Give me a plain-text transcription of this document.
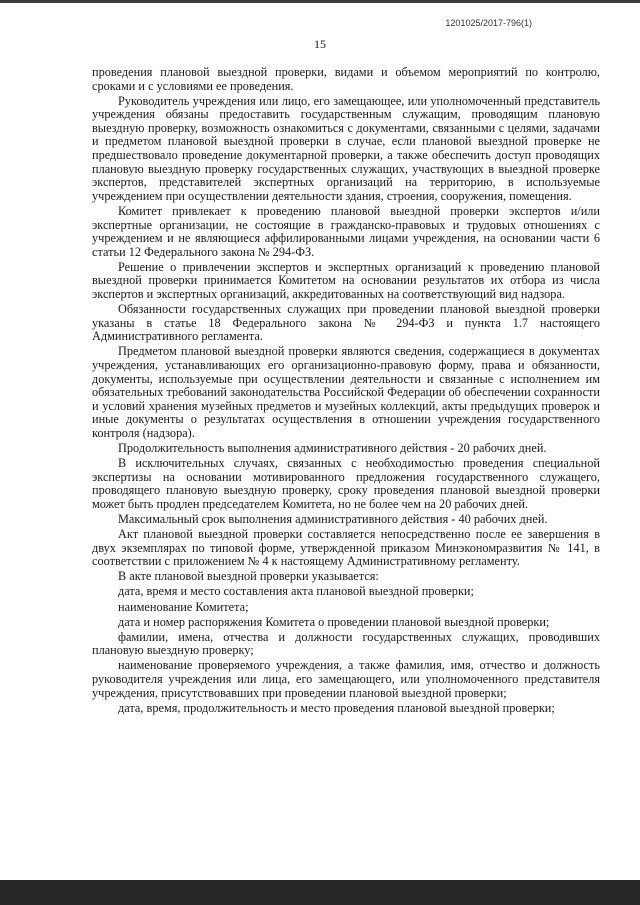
1201025/2017-796(1)
15

проведения плановой выездной проверки, видами и объемом мероприятий по контролю, сроками и с условиями ее проведения.

Руководитель учреждения или лицо, его замещающее, или уполномоченный представитель учреждения обязаны предоставить государственным служащим, проводящим плановую выездную проверку, возможность ознакомиться с документами, связанными с целями, задачами и предметом плановой выездной проверки в случае, если плановой выездной проверке не предшествовало проведение документарной проверки, а также обеспечить доступ проводящих плановую выездную проверку государственных служащих, участвующих в выездной проверке экспертов, представителей экспертных организаций на территорию, в используемые учреждением при осуществлении деятельности здания, строения, сооружения, помещения.

Комитет привлекает к проведению плановой выездной проверки экспертов и/или экспертные организации, не состоящие в гражданско-правовых и трудовых отношениях с учреждением и не являющиеся аффилированными лицами учреждения, на основании части 6 статьи 12 Федерального закона № 294-ФЗ.

Решение о привлечении экспертов и экспертных организаций к проведению плановой выездной проверки принимается Комитетом на основании результатов их отбора из числа экспертов и экспертных организаций, аккредитованных на соответствующий вид надзора.

Обязанности государственных служащих при проведении плановой выездной проверки указаны в статье 18 Федерального закона № 294-ФЗ и пункта 1.7 настоящего Административного регламента.

Предметом плановой выездной проверки являются сведения, содержащиеся в документах учреждения, устанавливающих его организационно-правовую форму, права и обязанности, документы, используемые при осуществлении деятельности и связанные с исполнением им обязательных требований законодательства Российской Федерации об обеспечении сохранности и условий хранения музейных предметов и музейных коллекций, акты предыдущих проверок и иные документы о результатах осуществления в отношении учреждения государственного контроля (надзора).

Продолжительность выполнения административного действия - 20 рабочих дней.

В исключительных случаях, связанных с необходимостью проведения специальной экспертизы на основании мотивированного предложения государственного служащего, проводящего плановую выездную проверку, сроку проведения плановой выездной проверки может быть продлен председателем Комитета, но не более чем на 20 рабочих дней.

Максимальный срок выполнения административного действия - 40 рабочих дней.

Акт плановой выездной проверки составляется непосредственно после ее завершения в двух экземплярах по типовой форме, утвержденной приказом Минэкономразвития № 141, в соответствии с приложением № 4 к настоящему Административному регламенту.

В акте плановой выездной проверки указывается:

дата, время и место составления акта плановой выездной проверки;

наименование Комитета;

дата и номер распоряжения Комитета о проведении плановой выездной проверки;

фамилии, имена, отчества и должности государственных служащих, проводивших плановую выездную проверку;

наименование проверяемого учреждения, а также фамилия, имя, отчество и должность руководителя учреждения или лица, его замещающего, или уполномоченного представителя учреждения, присутствовавших при проведении плановой выездной проверки;

дата, время, продолжительность и место проведения плановой выездной проверки;
